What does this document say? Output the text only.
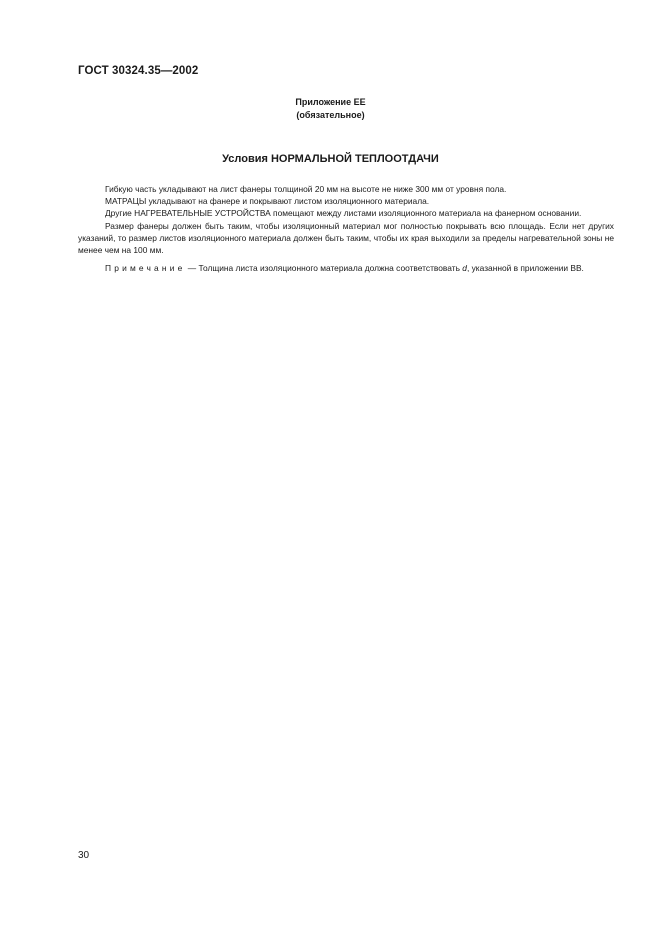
ГОСТ 30324.35—2002
Приложение ЕЕ
(обязательное)
Условия НОРМАЛЬНОЙ ТЕПЛООТДАЧИ

Гибкую часть укладывают на лист фанеры толщиной 20 мм на высоте не ниже 300 мм от уровня пола.

МАТРАЦЫ укладывают на фанере и покрывают листом изоляционного материала.

Другие НАГРЕВАТЕЛЬНЫЕ УСТРОЙСТВА помещают между листами изоляционного материала на фанерном основании.

Размер фанеры должен быть таким, чтобы изоляционный материал мог полностью покрывать всю площадь. Если нет других указаний, то размер листов изоляционного материала должен быть таким, чтобы их края выходили за пределы нагревательной зоны не менее чем на 100 мм.

Примечание — Толщина листа изоляционного материала должна соответствовать d, указанной в приложении ВВ.

30
